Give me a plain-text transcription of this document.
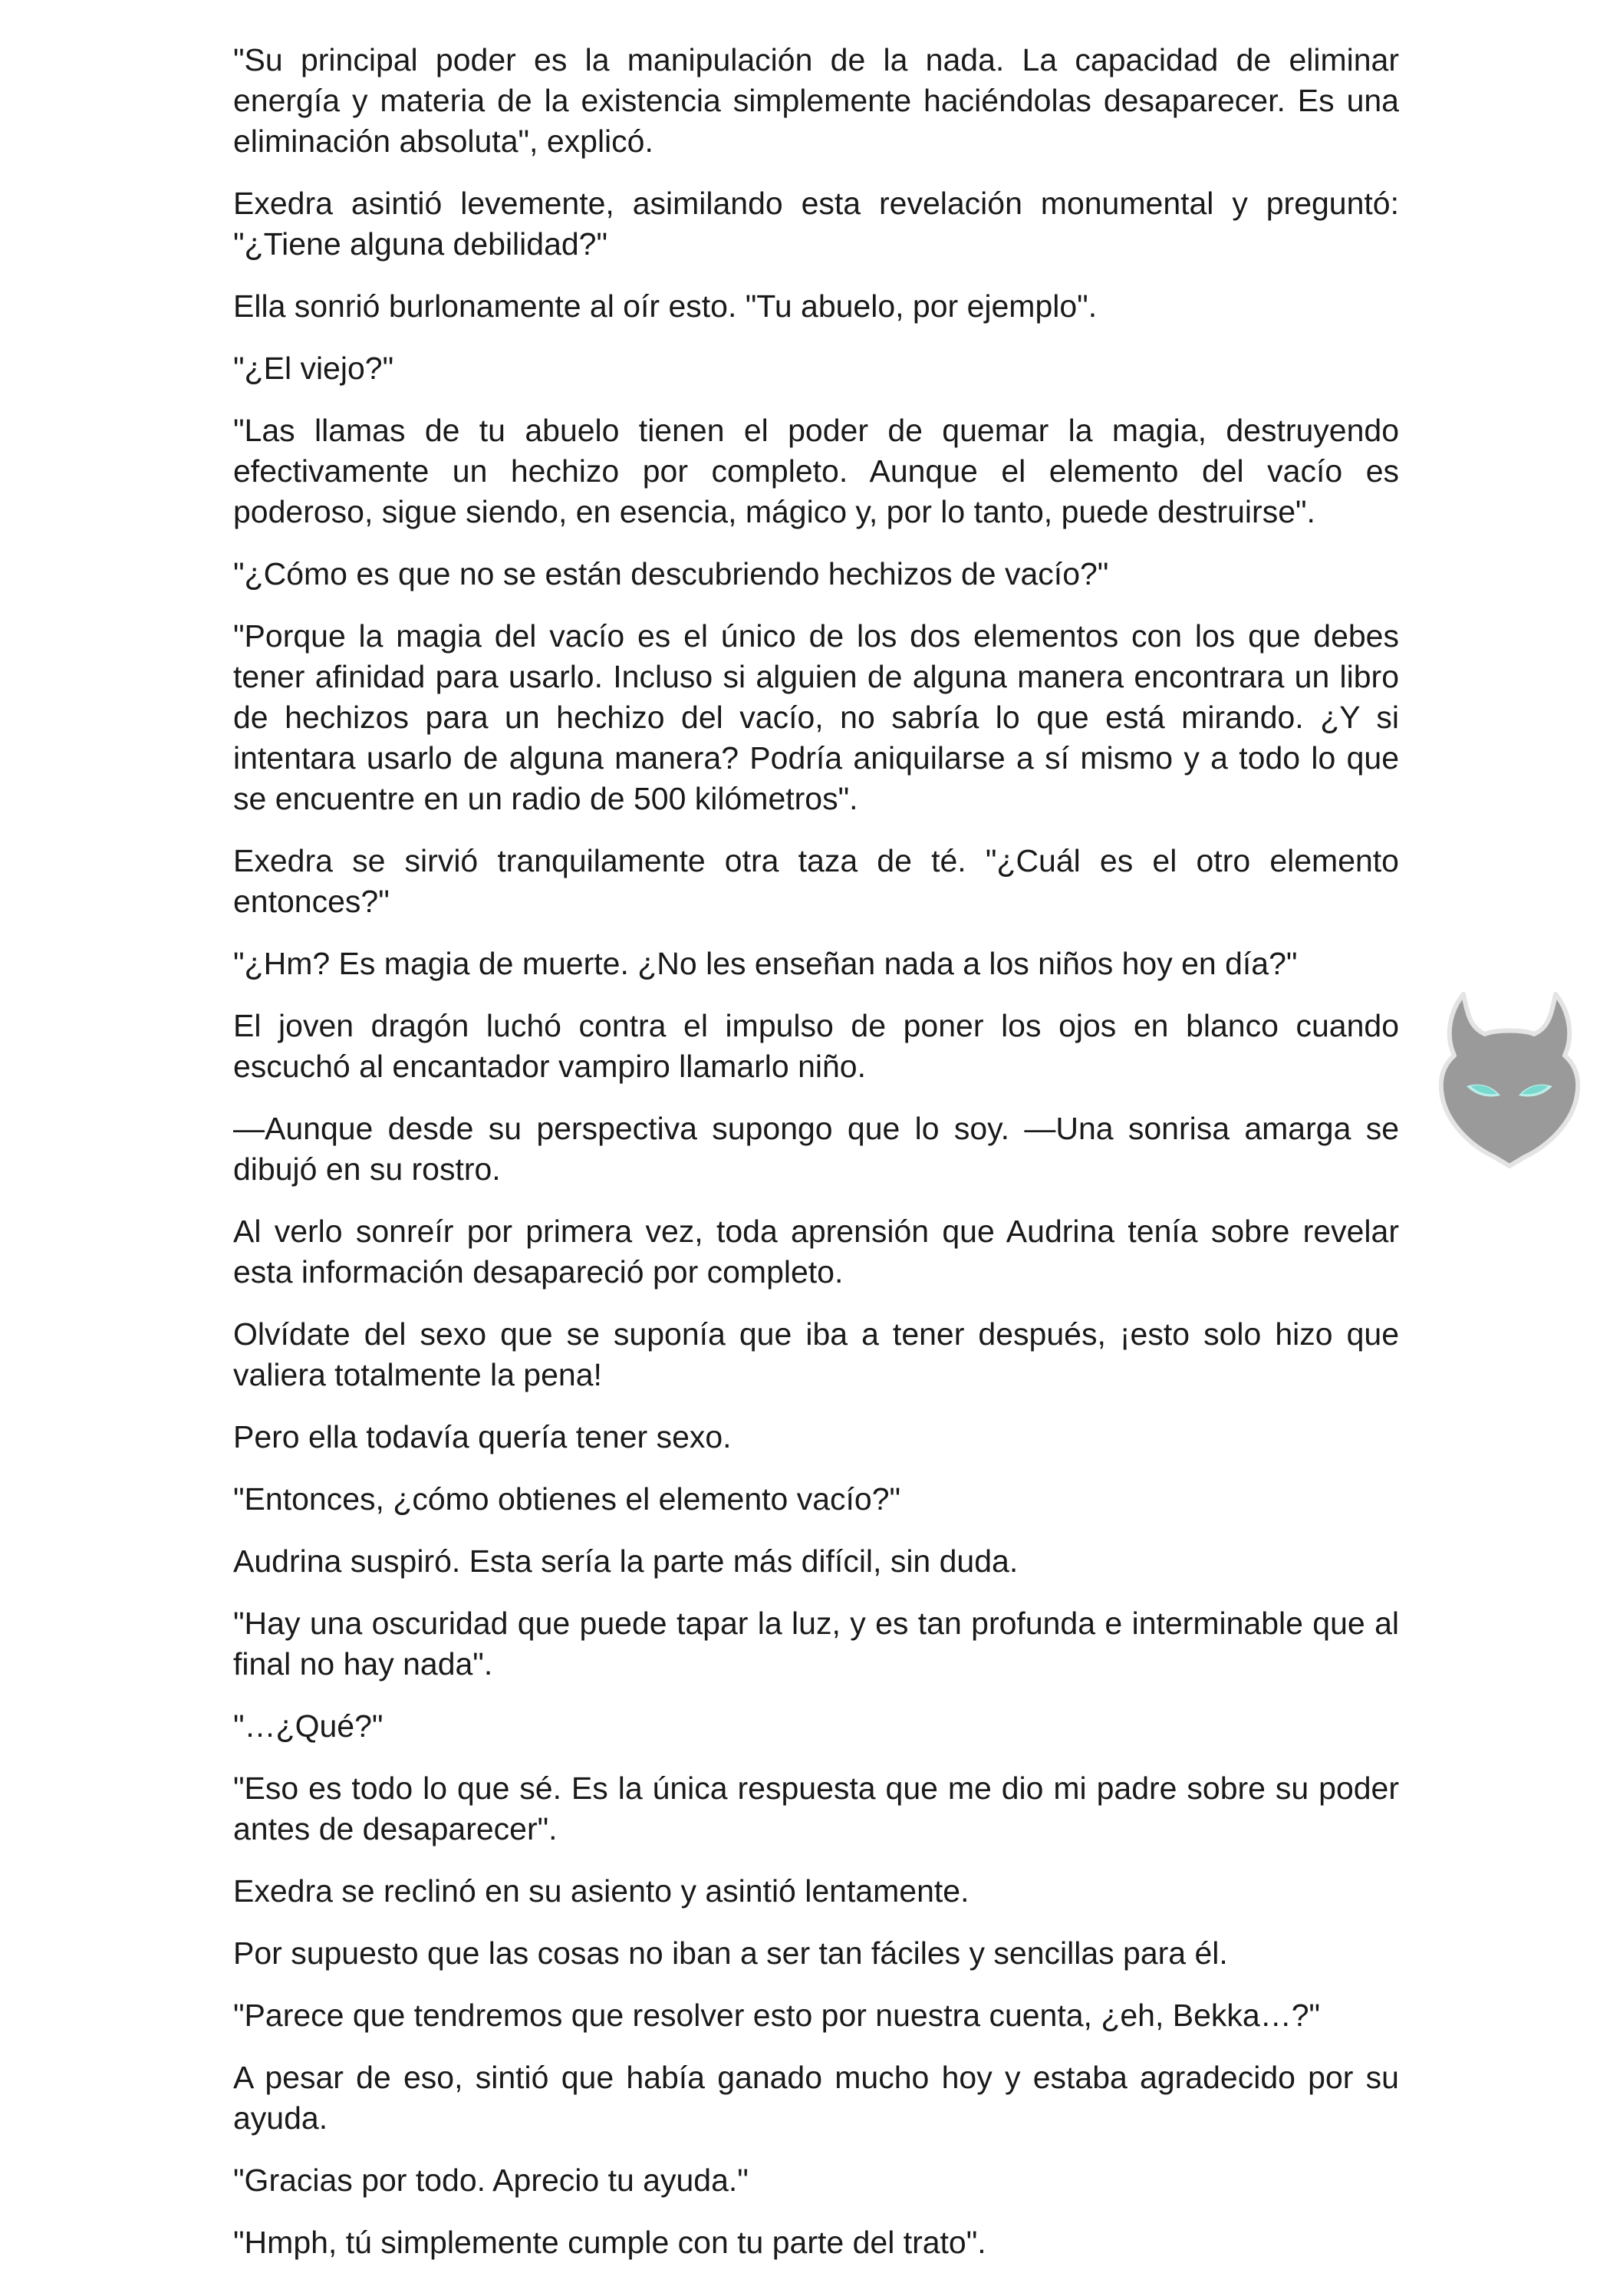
"Su principal poder es la manipulación de la nada. La capacidad de eliminar energía y materia de la existencia simplemente haciéndolas desaparecer. Es una eliminación absoluta", explicó.

Exedra asintió levemente, asimilando esta revelación monumental y preguntó: "¿Tiene alguna debilidad?"

Ella sonrió burlonamente al oír esto. "Tu abuelo, por ejemplo".

"¿El viejo?"

"Las llamas de tu abuelo tienen el poder de quemar la magia, destruyendo efectivamente un hechizo por completo. Aunque el elemento del vacío es poderoso, sigue siendo, en esencia, mágico y, por lo tanto, puede destruirse".

"¿Cómo es que no se están descubriendo hechizos de vacío?"

"Porque la magia del vacío es el único de los dos elementos con los que debes tener afinidad para usarlo. Incluso si alguien de alguna manera encontrara un libro de hechizos para un hechizo del vacío, no sabría lo que está mirando. ¿Y si intentara usarlo de alguna manera? Podría aniquilarse a sí mismo y a todo lo que se encuentre en un radio de 500 kilómetros".

Exedra se sirvió tranquilamente otra taza de té. "¿Cuál es el otro elemento entonces?"

"¿Hm? Es magia de muerte. ¿No les enseñan nada a los niños hoy en día?"

El joven dragón luchó contra el impulso de poner los ojos en blanco cuando escuchó al encantador vampiro llamarlo niño.

—Aunque desde su perspectiva supongo que lo soy. —Una sonrisa amarga se dibujó en su rostro.

Al verlo sonreír por primera vez, toda aprensión que Audrina tenía sobre revelar esta información desapareció por completo.

Olvídate del sexo que se suponía que iba a tener después, ¡esto solo hizo que valiera totalmente la pena!

Pero ella todavía quería tener sexo.

"Entonces, ¿cómo obtienes el elemento vacío?"

Audrina suspiró. Esta sería la parte más difícil, sin duda.

"Hay una oscuridad que puede tapar la luz, y es tan profunda e interminable que al final no hay nada".

"…¿Qué?"

"Eso es todo lo que sé. Es la única respuesta que me dio mi padre sobre su poder antes de desaparecer".

Exedra se reclinó en su asiento y asintió lentamente.

Por supuesto que las cosas no iban a ser tan fáciles y sencillas para él.

"Parece que tendremos que resolver esto por nuestra cuenta, ¿eh, Bekka…?"

A pesar de eso, sintió que había ganado mucho hoy y estaba agradecido por su ayuda.

"Gracias por todo. Aprecio tu ayuda."

"Hmph, tú simplemente cumple con tu parte del trato".
